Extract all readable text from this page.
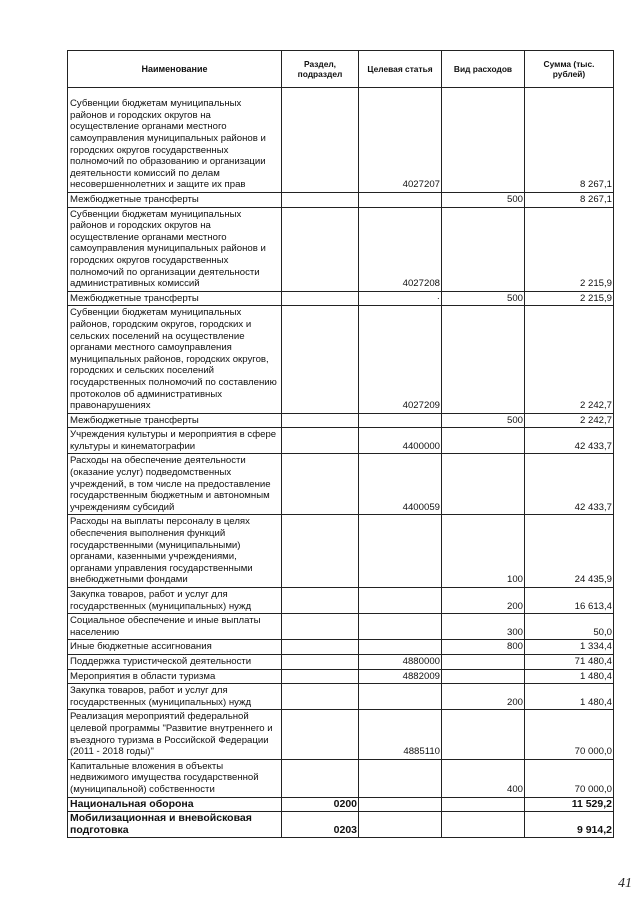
Наименование	Раздел, подраздел	Целевая статья	Вид расходов	Сумма (тыс. рублей)
Субвенции бюджетам муниципальных районов и городских округов на осуществление органами местного самоуправления муниципальных районов и городских округов государственных полномочий по образованию и организации деятельности комиссий по делам несовершеннолетних и защите их прав		4027207		8 267,1
Межбюджетные трансферты			500	8 267,1
Субвенции бюджетам муниципальных районов и городских округов на осуществление органами местного самоуправления муниципальных районов и городских округов государственных полномочий по организации деятельности административных комиссий		4027208		2 215,9
Межбюджетные трансферты		·	500	2 215,9
Субвенции бюджетам муниципальных районов, городским округов, городских и сельских поселений на осуществление органами местного самоуправления муниципальных районов, городских округов, городских и сельских поселений государственных полномочий по составлению протоколов об административных правонарушениях		4027209		2 242,7
Межбюджетные трансферты			500	2 242,7
Учреждения культуры и мероприятия в сфере культуры и кинематографии		4400000		42 433,7
Расходы на обеспечение деятельности (оказание услуг) подведомственных учреждений, в том числе на предоставление государственным бюджетным и автономным учреждениям субсидий		4400059		42 433,7
Расходы на выплаты персоналу в целях обеспечения выполнения функций государственными (муниципальными) органами, казенными учреждениями, органами управления государственными внебюджетными фондами			100	24 435,9
Закупка товаров, работ и услуг для государственных (муниципальных) нужд			200	16 613,4
Социальное обеспечение и иные выплаты населению			300	50,0
Иные бюджетные ассигнования			800	1 334,4
Поддержка туристической деятельности		4880000		71 480,4
Мероприятия в области туризма		4882009		1 480,4
Закупка товаров, работ и услуг для государственных (муниципальных) нужд			200	1 480,4
Реализация мероприятий федеральной целевой программы "Развитие внутреннего и въездного туризма в Российской Федерации (2011 - 2018 годы)"		4885110		70 000,0
Капитальные вложения в объекты недвижимого имущества государственной (муниципальной) собственности			400	70 000,0
Национальная оборона	0200			11 529,2
Мобилизационная и вневойсковая подготовка	0203			9 914,2
41
